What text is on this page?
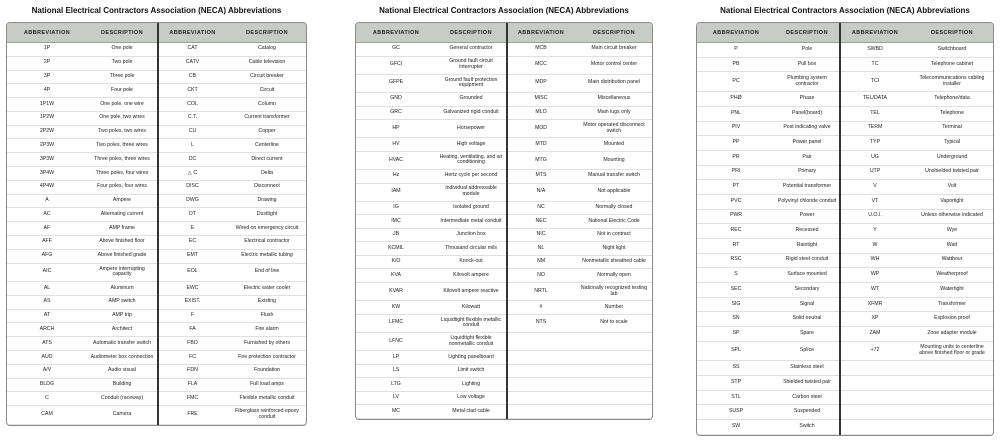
National Electrical Contractors Association (NECA) Abbreviations
ABBREVIATION	DESCRIPTION	ABBREVIATION	DESCRIPTION
1P	One pole	CAT	Catalog
2P	Two pole	CATV	Cable television
3P	Three pole	CB	Circuit breaker
4P	Four pole	CKT	Circuit
1P1W	One pole, one wire	COL	Column
1P2W	One pole, two wires	C.T.	Current transformer
2P2W	Two poles, two wires	CU	Copper
2P3W	Two poles, three wires	L	Centerline
3P3W	Three poles, three wires	DC	Direct current
3P4W	Three poles, four wires	△ C	Delta
4P4W	Four poles, four wires	DISC	Disconnect
A	Ampere	DWG	Drawing
AC	Alternating current	DT	Dusttight
AF	AMP frame	E	Wired on emergency circuit
AFF	Above finished floor	EC	Electrical contractor
AFG	Above finished grade	EMT	Electric metallic tubing
AIC	Ampere interrupting capacity	EOL	End of line
AL	Aluminum	EWC	Electric water cooler
AS	AMP switch	EXIST.	Existing
AT	AMP trip	F	Flush
ARCH	Architect	FA	Fire alarm
ATS	Automatic transfer switch	FBO	Furnished by others
AUD	Audiometer box connection	FC	Fire protection contractor
A/V	Audio visual	FDN	Foundation
BLDG	Building	FLA	Full load amps
C	Conduit (raceway)	FMC	Flexible metallic conduit
CAM	Camera	FRE	Fiberglass reinforced epoxy conduit
National Electrical Contractors Association (NECA) Abbreviations
ABBREVIATION	DESCRIPTION	ABBREVIATION	DESCRIPTION
GC	General contractor	MCB	Main circuit breaker
GFCI	Ground fault circuit interrupter	MCC	Motor control center
GFPE	Ground fault protection equipment	MDP	Main distribution panel
GND	Grounded	MISC	Miscellaneous
GRC	Galvanized rigid conduit	MLO	Main lugs only
HP	Horsepower	MOD	Motor operated disconnect switch
HV	High voltage	MTD	Mounted
HVAC	Heating, ventilating, and air conditioning	MTG	Mounting
Hz	Hertz cycle per second	MTS	Manual transfer switch
IAM	Individual addressable module	N/A	Not applicable
IG	Isolated ground	NC	Normally closed
IMC	Intermediate metal conduit	NEC	National Electric Code
JB	Junction box	NIC	Not in contract
KCMIL	Thousand circular mils	NL	Night light
K/O	Knock-out	NM	Nonmetallic sheathed cable
KVA	Kilovolt ampere	NO	Normally open
KVAR	Kilovolt ampere reactive	NRTL	Nationally recognized testing lab
KW	Kilowatt	#	Number
LFMC	Liquidtight flexible metallic conduit	NTS	Not to scale
LFNC	Liquidtight flexible nonmetallic conduit
LP	Lighting panelboard
LS	Limit switch
LTG	Lighting
LV	Low voltage
MC	Metal clad cable
National Electrical Contractors Association (NECA) Abbreviations
ABBREVIATION	DESCRIPTION	ABBREVIATION	DESCRIPTION
P	Pole	SWBD	Switchboard
PB	Pull box	TC	Telephone cabinet
PC	Plumbing system contractor	TCI	Telecommunications cabling installer
PHØ	Phase	TEL/DATA	Telephone/data
PNL	Panel(board)	TEL	Telephone
PIV	Post indicating valve	TERM	Terminal
PP	Power panel	TYP	Typical
PR	Pair	UG	Underground
PRI	Primary	UTP	Unshielded twisted pair
PT	Potential transformer	V	Volt
PVC	Polyvinyl chloride conduit	VT	Vaportight
PWR	Power	U.O.I.	Unless otherwise indicated
REC	Recessed	Y	Wye
RT	Raintight	W	Watt
RSC	Rigid steel conduit	WH	Watthour
S	Surface mounted	WP	Weatherproof
SEC	Secondary	WT	Watertight
SIG	Signal	XFMR	Transformer
SN	Solid neutral	XP	Explosion proof
SP	Spare	ZAM	Zone adapter module
SPL	Splice	+72	Mounting units to centerline above finished floor or grade
SS	Stainless steel
STP	Shielded twisted pair
STL	Carbon steel
SUSP	Suspended
SW	Switch
